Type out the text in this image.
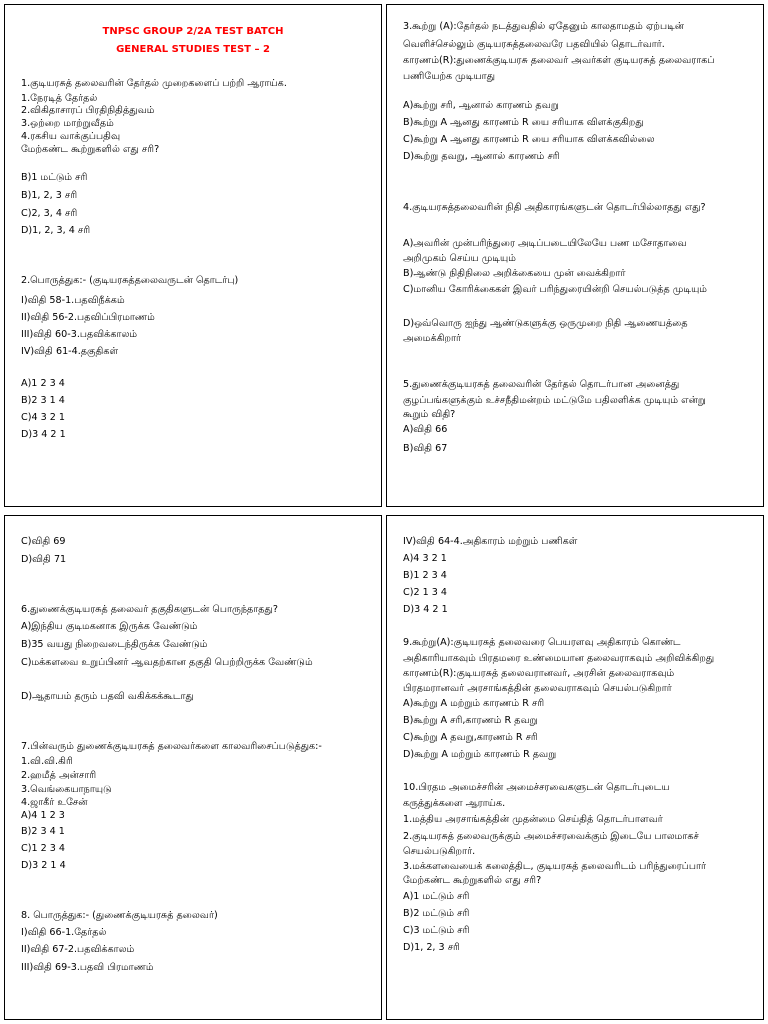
TNPSC GROUP 2/2A TEST BATCH
GENERAL STUDIES TEST – 2
1.குடியரசுத் தலைவரின் தேர்தல் முறைகளைப் பற்றி ஆராய்க.
1.நேரடித் தேர்தல்
2.விகிதாசாரப் பிரதிநிதித்துவம்
3.ஒற்றை மாற்றுவீதம்
4.ரகசிய வாக்குப்பதிவு
மேற்கண்ட கூற்றுகளில் எது சரி?
B)1 மட்டும் சரி
B)1, 2, 3 சரி
C)2, 3, 4 சரி
D)1, 2, 3, 4 சரி
2.பொருத்துக:- (குடியரசுத்தலைவருடன் தொடர்பு)
I)விதி 58-1.பதவிநீக்கம்
II)விதி 56-2.பதவிப்பிரமாணம்
III)விதி 60-3.பதவிக்காலம்
IV)விதி 61-4.தகுதிகள்
A)1 2 3 4
B)2 3 1 4
C)4 3 2 1
D)3 4 2 1
3.கூற்று (A):தேர்தல் நடத்துவதில் ஏதேனும் காலதாமதம் ஏற்படின்
வெளிச்செல்லும் குடியரசுத்தலைவரே பதவியில் தொடர்வார்.
காரணம்(R):துணைக்குடியரசு தலைவர் அவர்கள் குடியரசுத் தலைவராகப்
பணியேற்க முடியாது
A)கூற்று சரி, ஆனால் காரணம் தவறு
B)கூற்று A ஆனது காரணம் R யை சரியாக விளக்குகிறது
C)கூற்று A ஆனது காரணம் R யை சரியாக விளக்கவில்லை
D)கூற்று தவறு, ஆனால் காரணம் சரி
4.குடியரசுத்தலைவரின் நிதி அதிகாரங்களுடன் தொடர்பில்லாதது எது?
A)அவரின் முன்பரிந்துரை அடிப்படையிலேயே பண மசோதாவை
அறிமுகம் செய்ய முடியும்
B)ஆண்டு நிதிநிலை அறிக்கையை முன் வைக்கிறார்
C)மானிய கோரிக்கைகள் இவர் பரிந்துரையின்றி செயல்படுத்த முடியும்
D)ஒவ்வொரு ஐந்து ஆண்டுகளுக்கு ஒருமுறை நிதி ஆணையத்தை
அமைக்கிறார்
5.துணைக்குடியரசுத் தலைவரின் தேர்தல் தொடர்பான அனைத்து
குழப்பங்களுக்கும் உச்சநீதிமன்றம் மட்டுமே பதிலளிக்க முடியும் என்று
கூறும் விதி?
A)விதி 66
B)விதி 67
C)விதி 69
D)விதி 71
6.துணைக்குடியரசுத் தலைவர் தகுதிகளுடன் பொருந்தாதது?
A)இந்திய குடிமகனாக இருக்க வேண்டும்
B)35 வயது நிறைவடைந்திருக்க வேண்டும்
C)மக்களவை உறுப்பினர் ஆவதற்கான தகுதி பெற்றிருக்க வேண்டும்
D)ஆதாயம் தரும் பதவி வகிக்கக்கூடாது
7.பின்வரும் துணைக்குடியரசுத் தலைவர்களை காலவரிசைப்படுத்துக:-
1.வி.வி.கிரி
2.ஹமீத் அன்சாரி
3.வெங்கையாநாயுடு
4.ஜாகீர் உசேன்
A)4 1 2 3
B)2 3 4 1
C)1 2 3 4
D)3 2 1 4
8. பொருத்துக:- (துணைக்குடியரசுத் தலைவர்)
I)விதி 66-1.தேர்தல்
II)விதி 67-2.பதவிக்காலம்
III)விதி 69-3.பதவி பிரமாணம்
IV)விதி 64-4.அதிகாரம் மற்றும் பணிகள்
A)4 3 2 1
B)1 2 3 4
C)2 1 3 4
D)3 4 2 1
9.கூற்று(A):குடியரசுத் தலைவரை பெயரளவு அதிகாரம் கொண்ட
அதிகாரியாகவும் பிரதமரை உண்மையான தலைவராகவும் அறிவிக்கிறது
காரணம்(R):குடியரசுத் தலைவரானவர், அரசின் தலைவராகவும்
பிரதமரானவர் அரசாங்கத்தின் தலைவராகவும் செயல்படுகிறார்
A)கூற்று A மற்றும் காரணம் R சரி
B)கூற்று A சரி,காரணம் R தவறு
C)கூற்று A தவறு,காரணம் R சரி
D)கூற்று A மற்றும் காரணம் R தவறு
10.பிரதம அமைச்சரின் அமைச்சரவைகளுடன் தொடர்புடைய
கருத்துக்களை ஆராய்க.
1.மத்திய அரசாங்கத்தின் முதன்மை செய்தித் தொடர்பாளவர்
2.குடியரசுத் தலைவருக்கும் அமைச்சரவைக்கும் இடையே பாலமாகச்
செயல்படுகிறார்.
3.மக்களவையைக் கலைத்திட, குடியரசுத் தலைவரிடம் பரிந்துரைப்பார்
மேற்கண்ட கூற்றுகளில் எது சரி?
A)1 மட்டும் சரி
B)2 மட்டும் சரி
C)3 மட்டும் சரி
D)1, 2, 3 சரி
